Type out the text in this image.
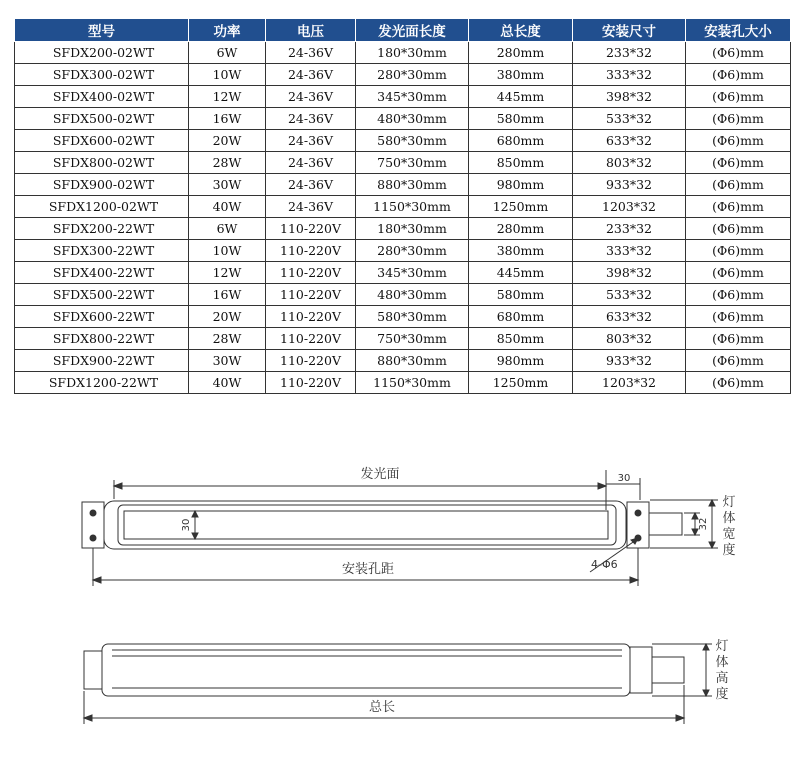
型号	功率	电压	发光面长度	总长度	安装尺寸	安装孔大小
SFDX200-02WT	6W	24-36V	180*30mm	280mm	233*32	(Φ6)mm
SFDX300-02WT	10W	24-36V	280*30mm	380mm	333*32	(Φ6)mm
SFDX400-02WT	12W	24-36V	345*30mm	445mm	398*32	(Φ6)mm
SFDX500-02WT	16W	24-36V	480*30mm	580mm	533*32	(Φ6)mm
SFDX600-02WT	20W	24-36V	580*30mm	680mm	633*32	(Φ6)mm
SFDX800-02WT	28W	24-36V	750*30mm	850mm	803*32	(Φ6)mm
SFDX900-02WT	30W	24-36V	880*30mm	980mm	933*32	(Φ6)mm
SFDX1200-02WT	40W	24-36V	1150*30mm	1250mm	1203*32	(Φ6)mm
SFDX200-22WT	6W	110-220V	180*30mm	280mm	233*32	(Φ6)mm
SFDX300-22WT	10W	110-220V	280*30mm	380mm	333*32	(Φ6)mm
SFDX400-22WT	12W	110-220V	345*30mm	445mm	398*32	(Φ6)mm
SFDX500-22WT	16W	110-220V	480*30mm	580mm	533*32	(Φ6)mm
SFDX600-22WT	20W	110-220V	580*30mm	680mm	633*32	(Φ6)mm
SFDX800-22WT	28W	110-220V	750*30mm	850mm	803*32	(Φ6)mm
SFDX900-22WT	30W	110-220V	880*30mm	980mm	933*32	(Φ6)mm
SFDX1200-22WT	40W	110-220V	1150*30mm	1250mm	1203*32	(Φ6)mm
发光面	30
30	32
安装孔距	4-Φ6
灯
体
宽
度
总长
灯
体
高
度
